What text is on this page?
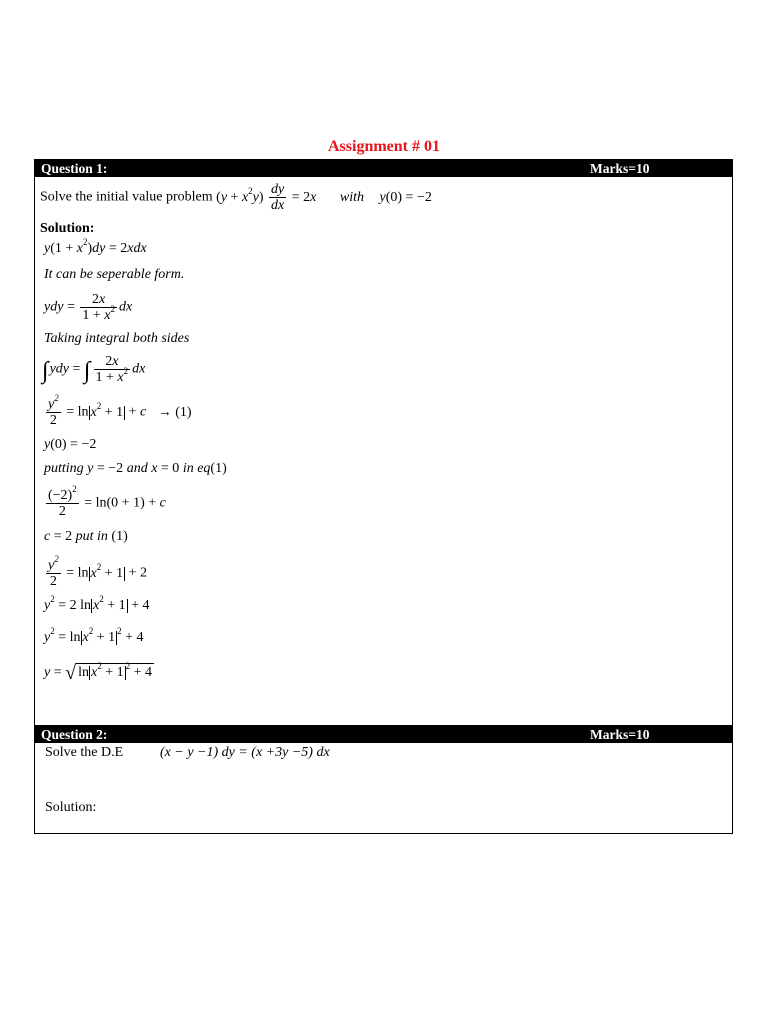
Assignment # 01
Question 1:	Marks=10
Solve the initial value problem $(y + x^2y) \frac{dy}{dx} = 2x$ with y(0) = −2
Solution:
$y(1 + x^2)dy = 2xdx$
It can be seperable form.
ydy = $\frac{2x}{1 + x^2}$ dx
Taking integral both sides
∫ydy = ∫ $\frac{2x}{1 + x^2}$ dx
$\frac{y^2}{2} = \ln x^2 + 1 + c \to (1)$
y(0) = −2
putting y = −2 and x = 0 in eq(1)
$\frac{(-2)^2}{2} = \ln(0 + 1) + c$
c = 2 put in (1)
$\frac{y^2}{2} = \ln x^2 + 1 + 2$
$y^2 = 2$ $\ln x^2 + 1 + 4$
$y^2 = \ln x^2 + 1$ $^2$ + 4
y = √ $\ln x^2 + 1$ $^2$ + 4
Question 2:	Marks=10
Solve the D.E	(x − y −1) dy = (x +3y −5) dx
Solution:
